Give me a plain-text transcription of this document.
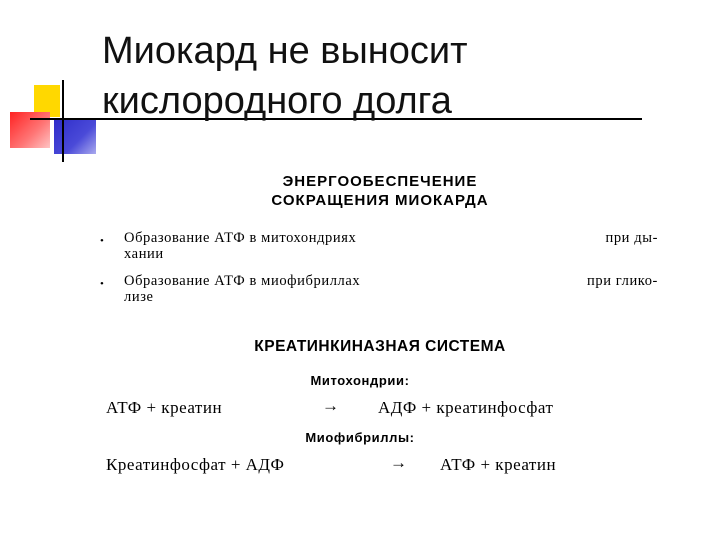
Миокард не выносит
кислородного долга
ЭНЕРГООБЕСПЕЧЕНИЕ
СОКРАЩЕНИЯ МИОКАРДА
• Образование АТФ в митохондриях	при ды-
хании
• Образование АТФ в миофибриллах	при глико-
лизе
КРЕАТИНКИНАЗНАЯ СИСТЕМА
Митохондрии:
АТФ + креатин	→ АДФ + креатинфосфат
Миофибриллы:
Креатинфосфат + АДФ	→ АТФ + креатин
